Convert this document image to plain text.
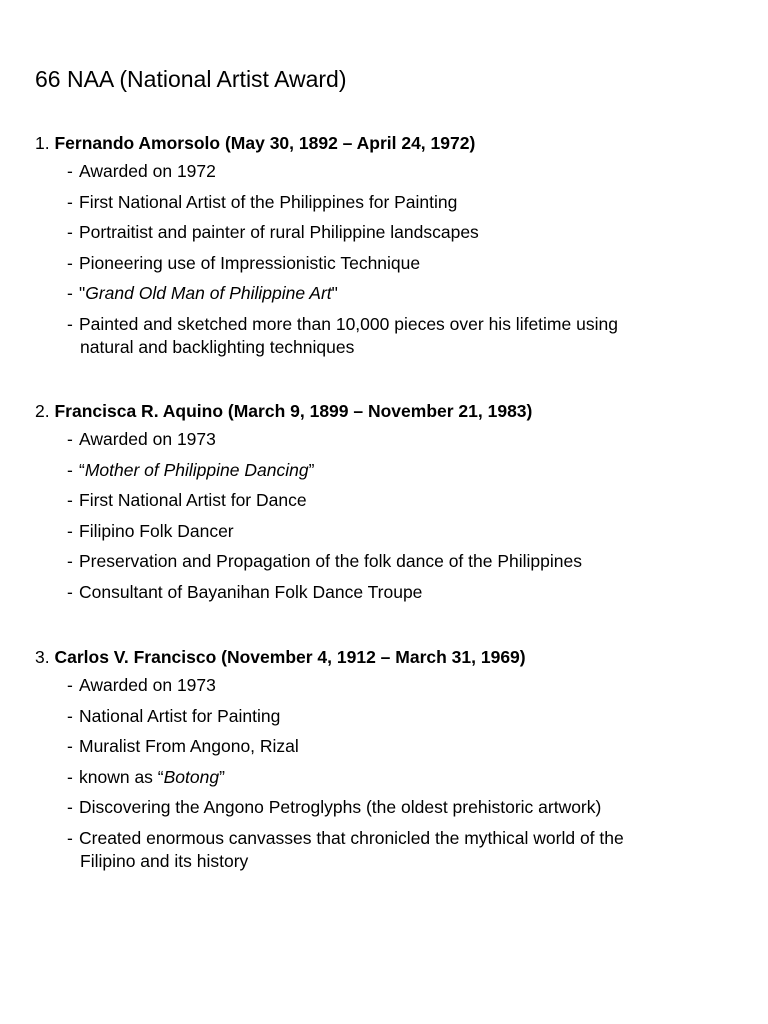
66 NAA (National Artist Award)
1. Fernando Amorsolo (May 30, 1892 – April 24, 1972)
- Awarded on 1972
- First National Artist of the Philippines for Painting
- Portraitist and painter of rural Philippine landscapes
- Pioneering use of Impressionistic Technique
- "Grand Old Man of Philippine Art"
- Painted and sketched more than 10,000 pieces over his lifetime using
natural and backlighting techniques
2. Francisca R. Aquino (March 9, 1899 – November 21, 1983)
- Awarded on 1973
- “Mother of Philippine Dancing”
- First National Artist for Dance
- Filipino Folk Dancer
- Preservation and Propagation of the folk dance of the Philippines
- Consultant of Bayanihan Folk Dance Troupe
3. Carlos V. Francisco (November 4, 1912 – March 31, 1969)
- Awarded on 1973
- National Artist for Painting
- Muralist From Angono, Rizal
- known as “Botong”
- Discovering the Angono Petroglyphs (the oldest prehistoric artwork)
- Created enormous canvasses that chronicled the mythical world of the
Filipino and its history
